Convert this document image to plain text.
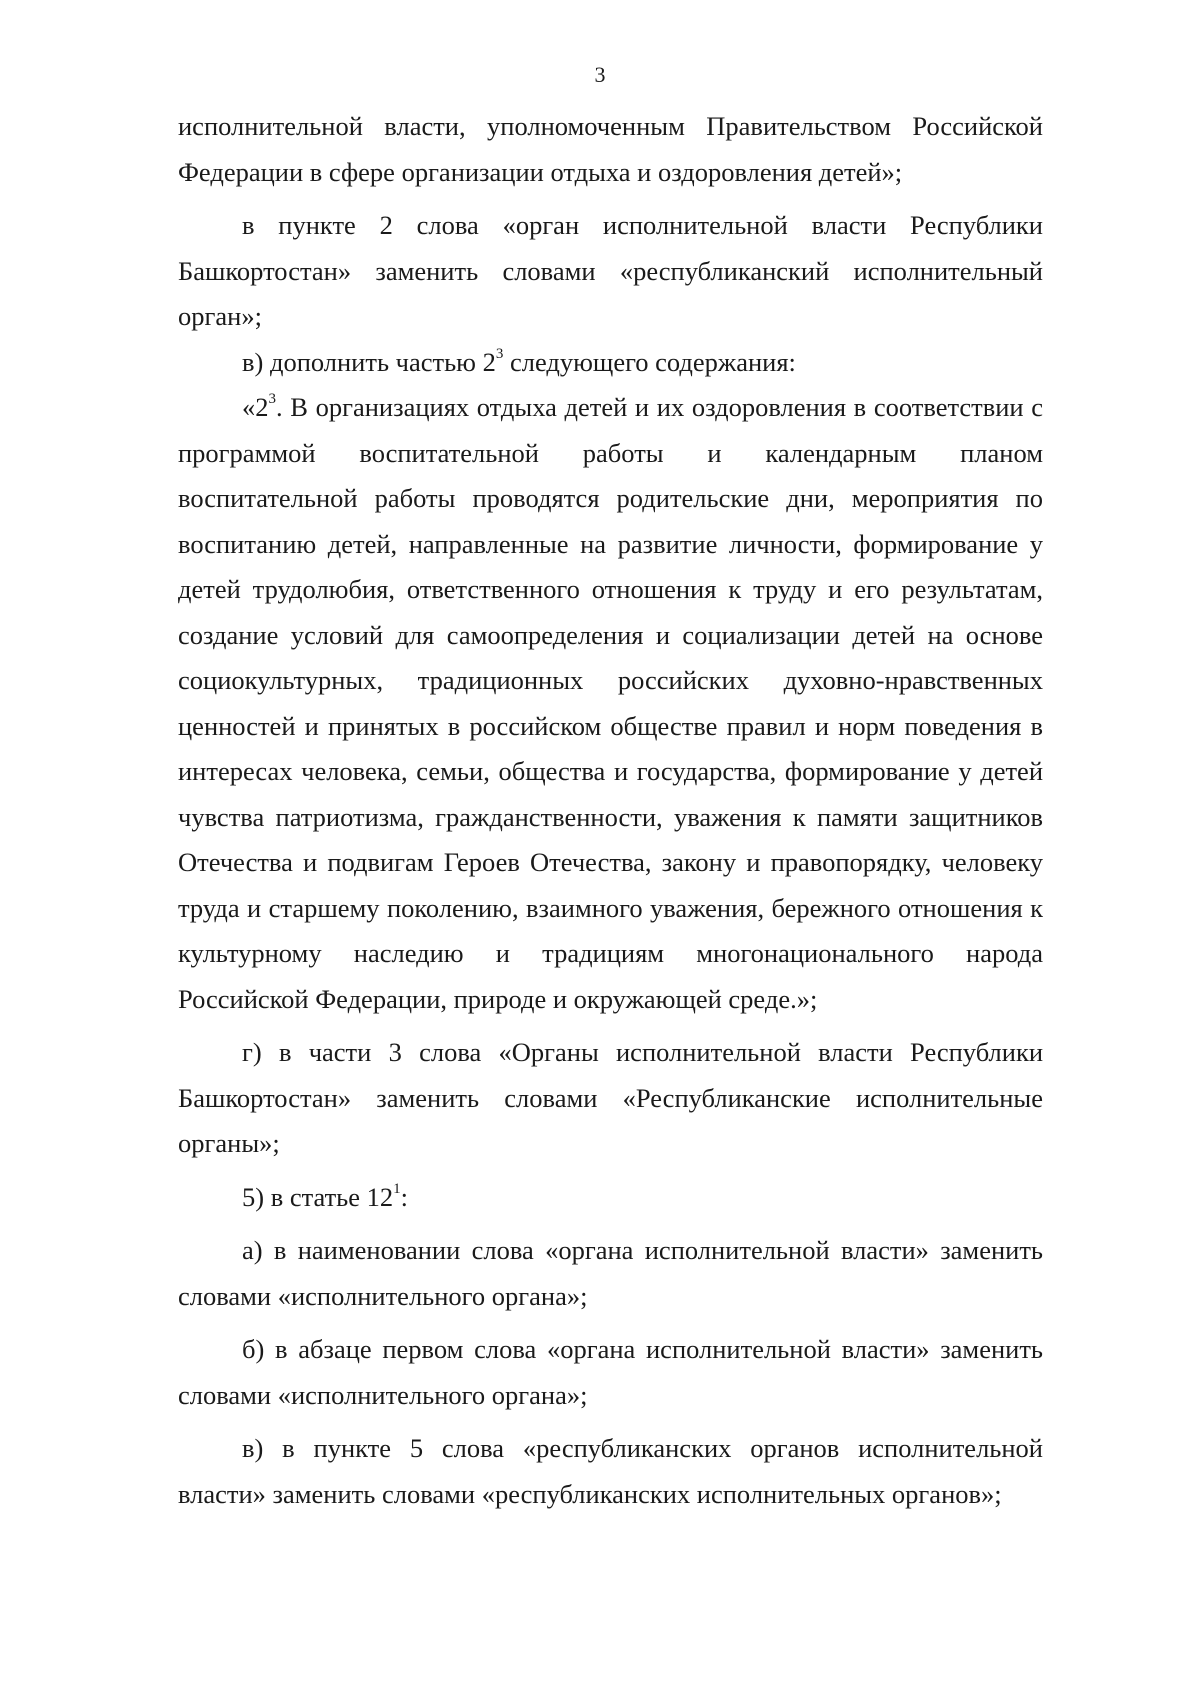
3

исполнительной власти, уполномоченным Правительством Российской Федерации в сфере организации отдыха и оздоровления детей»;

в пункте 2 слова «орган исполнительной власти Республики Башкортостан» заменить словами «республиканский исполнительный орган»;

в) дополнить частью $2^3$ следующего содержания:

«$2^3$. В организациях отдыха детей и их оздоровления в соответствии с программой воспитательной работы и календарным планом воспитательной работы проводятся родительские дни, мероприятия по воспитанию детей, направленные на развитие личности, формирование у детей трудолюбия, ответственного отношения к труду и его результатам, создание условий для самоопределения и социализации детей на основе социокультурных, традиционных российских духовно-нравственных ценностей и принятых в российском обществе правил и норм поведения в интересах человека, семьи, общества и государства, формирование у детей чувства патриотизма, гражданственности, уважения к памяти защитников Отечества и подвигам Героев Отечества, закону и правопорядку, человеку труда и старшему поколению, взаимного уважения, бережного отношения к культурному наследию и традициям многонационального народа Российской Федерации, природе и окружающей среде.»;

г) в части 3 слова «Органы исполнительной власти Республики Башкортостан» заменить словами «Республиканские исполнительные органы»;

5) в статье $12^1$:

а) в наименовании слова «органа исполнительной власти» заменить словами «исполнительного органа»;

б) в абзаце первом слова «органа исполнительной власти» заменить словами «исполнительного органа»;

в) в пункте 5 слова «республиканских органов исполнительной власти» заменить словами «республиканских исполнительных органов»;
